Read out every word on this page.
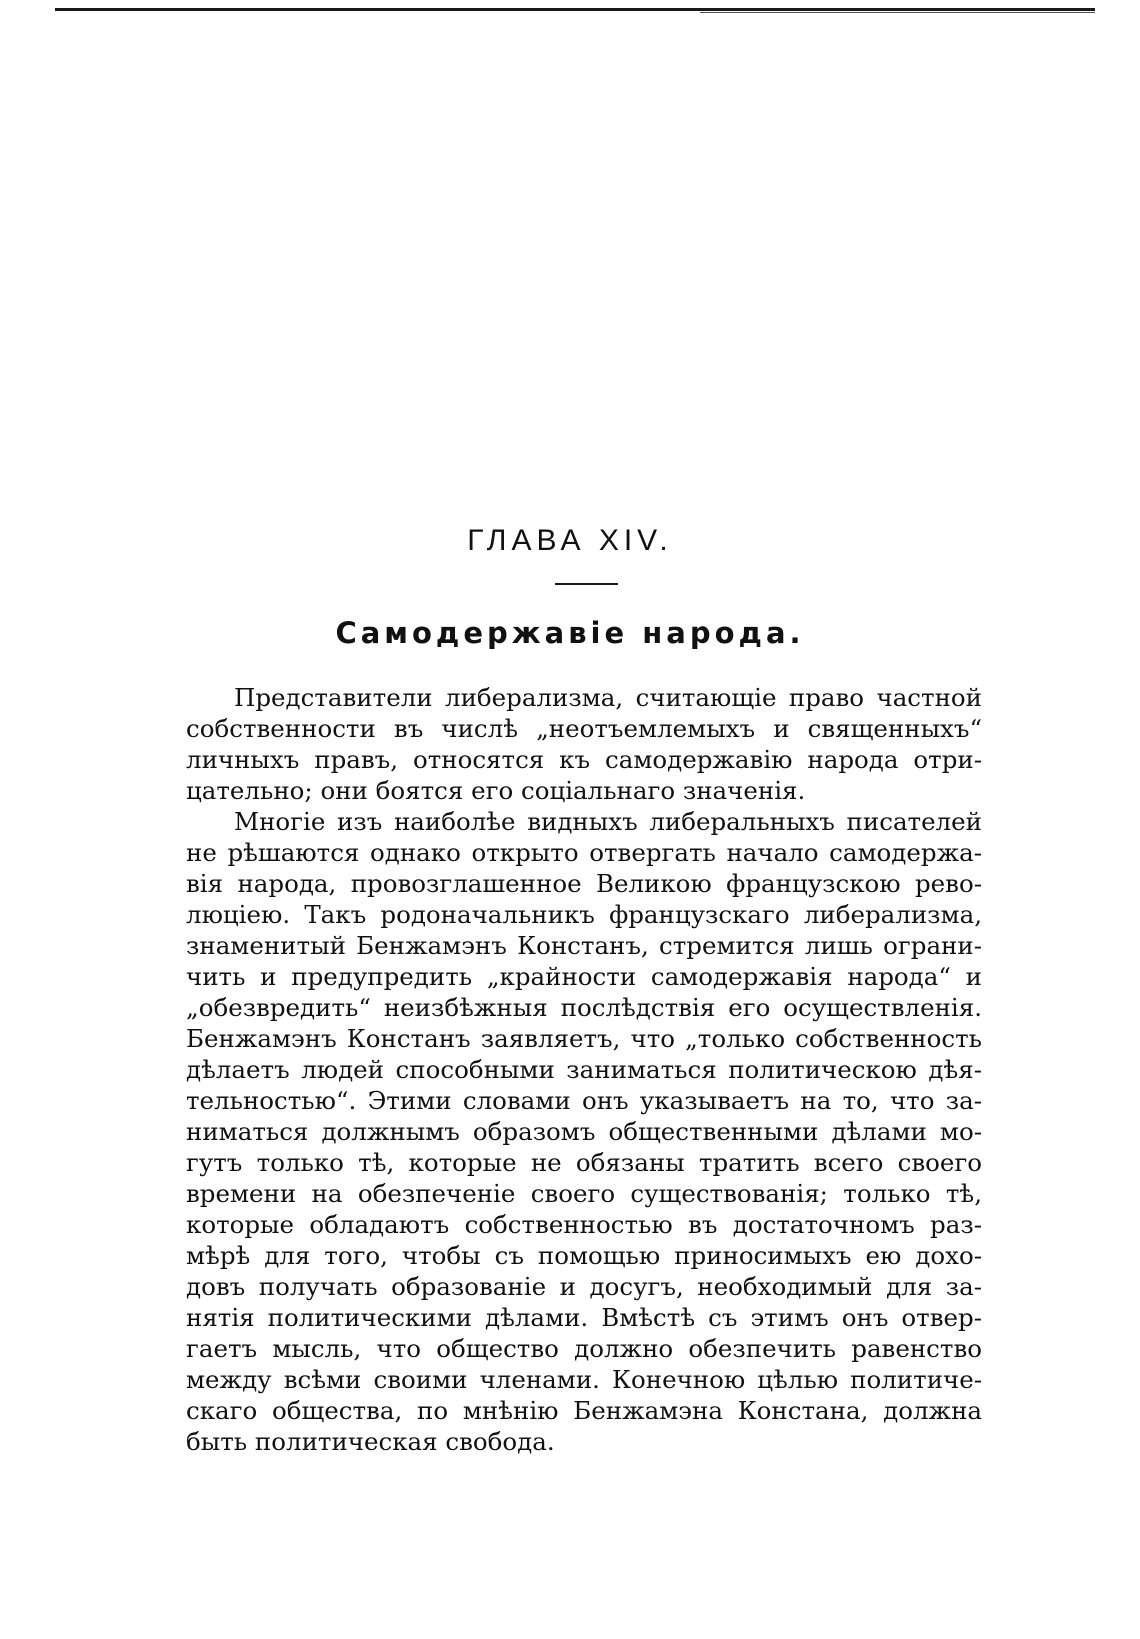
ГЛАВА XIV.
Самодержавіе народа.
Представители либерализма, считающіе право частной
собственности въ числѣ „неотъемлемыхъ и священныхъ“
личныхъ правъ, относятся къ самодержавію народа отри-
цательно; они боятся его соціальнаго значенія.
Многіе изъ наиболѣе видныхъ либеральныхъ писателей
не рѣшаются однако открыто отвергать начало самодержа-
вія народа, провозглашенное Великою французскою рево-
люціею. Такъ родоначальникъ французскаго либерализма,
знаменитый Бенжамэнъ Констанъ, стремится лишь ограни-
чить и предупредить „крайности самодержавія народа“ и
„обезвредить“ неизбѣжныя послѣдствія его осуществленія.
Бенжамэнъ Констанъ заявляетъ, что „только собственность
дѣлаетъ людей способными заниматься политическою дѣя-
тельностью“. Этими словами онъ указываетъ на то, что за-
ниматься должнымъ образомъ общественными дѣлами мо-
гутъ только тѣ, которые не обязаны тратить всего своего
времени на обезпеченіе своего существованія; только тѣ,
которые обладаютъ собственностью въ достаточномъ раз-
мѣрѣ для того, чтобы съ помощью приносимыхъ ею дохо-
довъ получать образованіе и досугъ, необходимый для за-
нятія политическими дѣлами. Вмѣстѣ съ этимъ онъ отвер-
гаетъ мысль, что общество должно обезпечить равенство
между всѣми своими членами. Конечною цѣлью политиче-
скаго общества, по мнѣнію Бенжамэна Констана, должна
быть политическая свобода.
